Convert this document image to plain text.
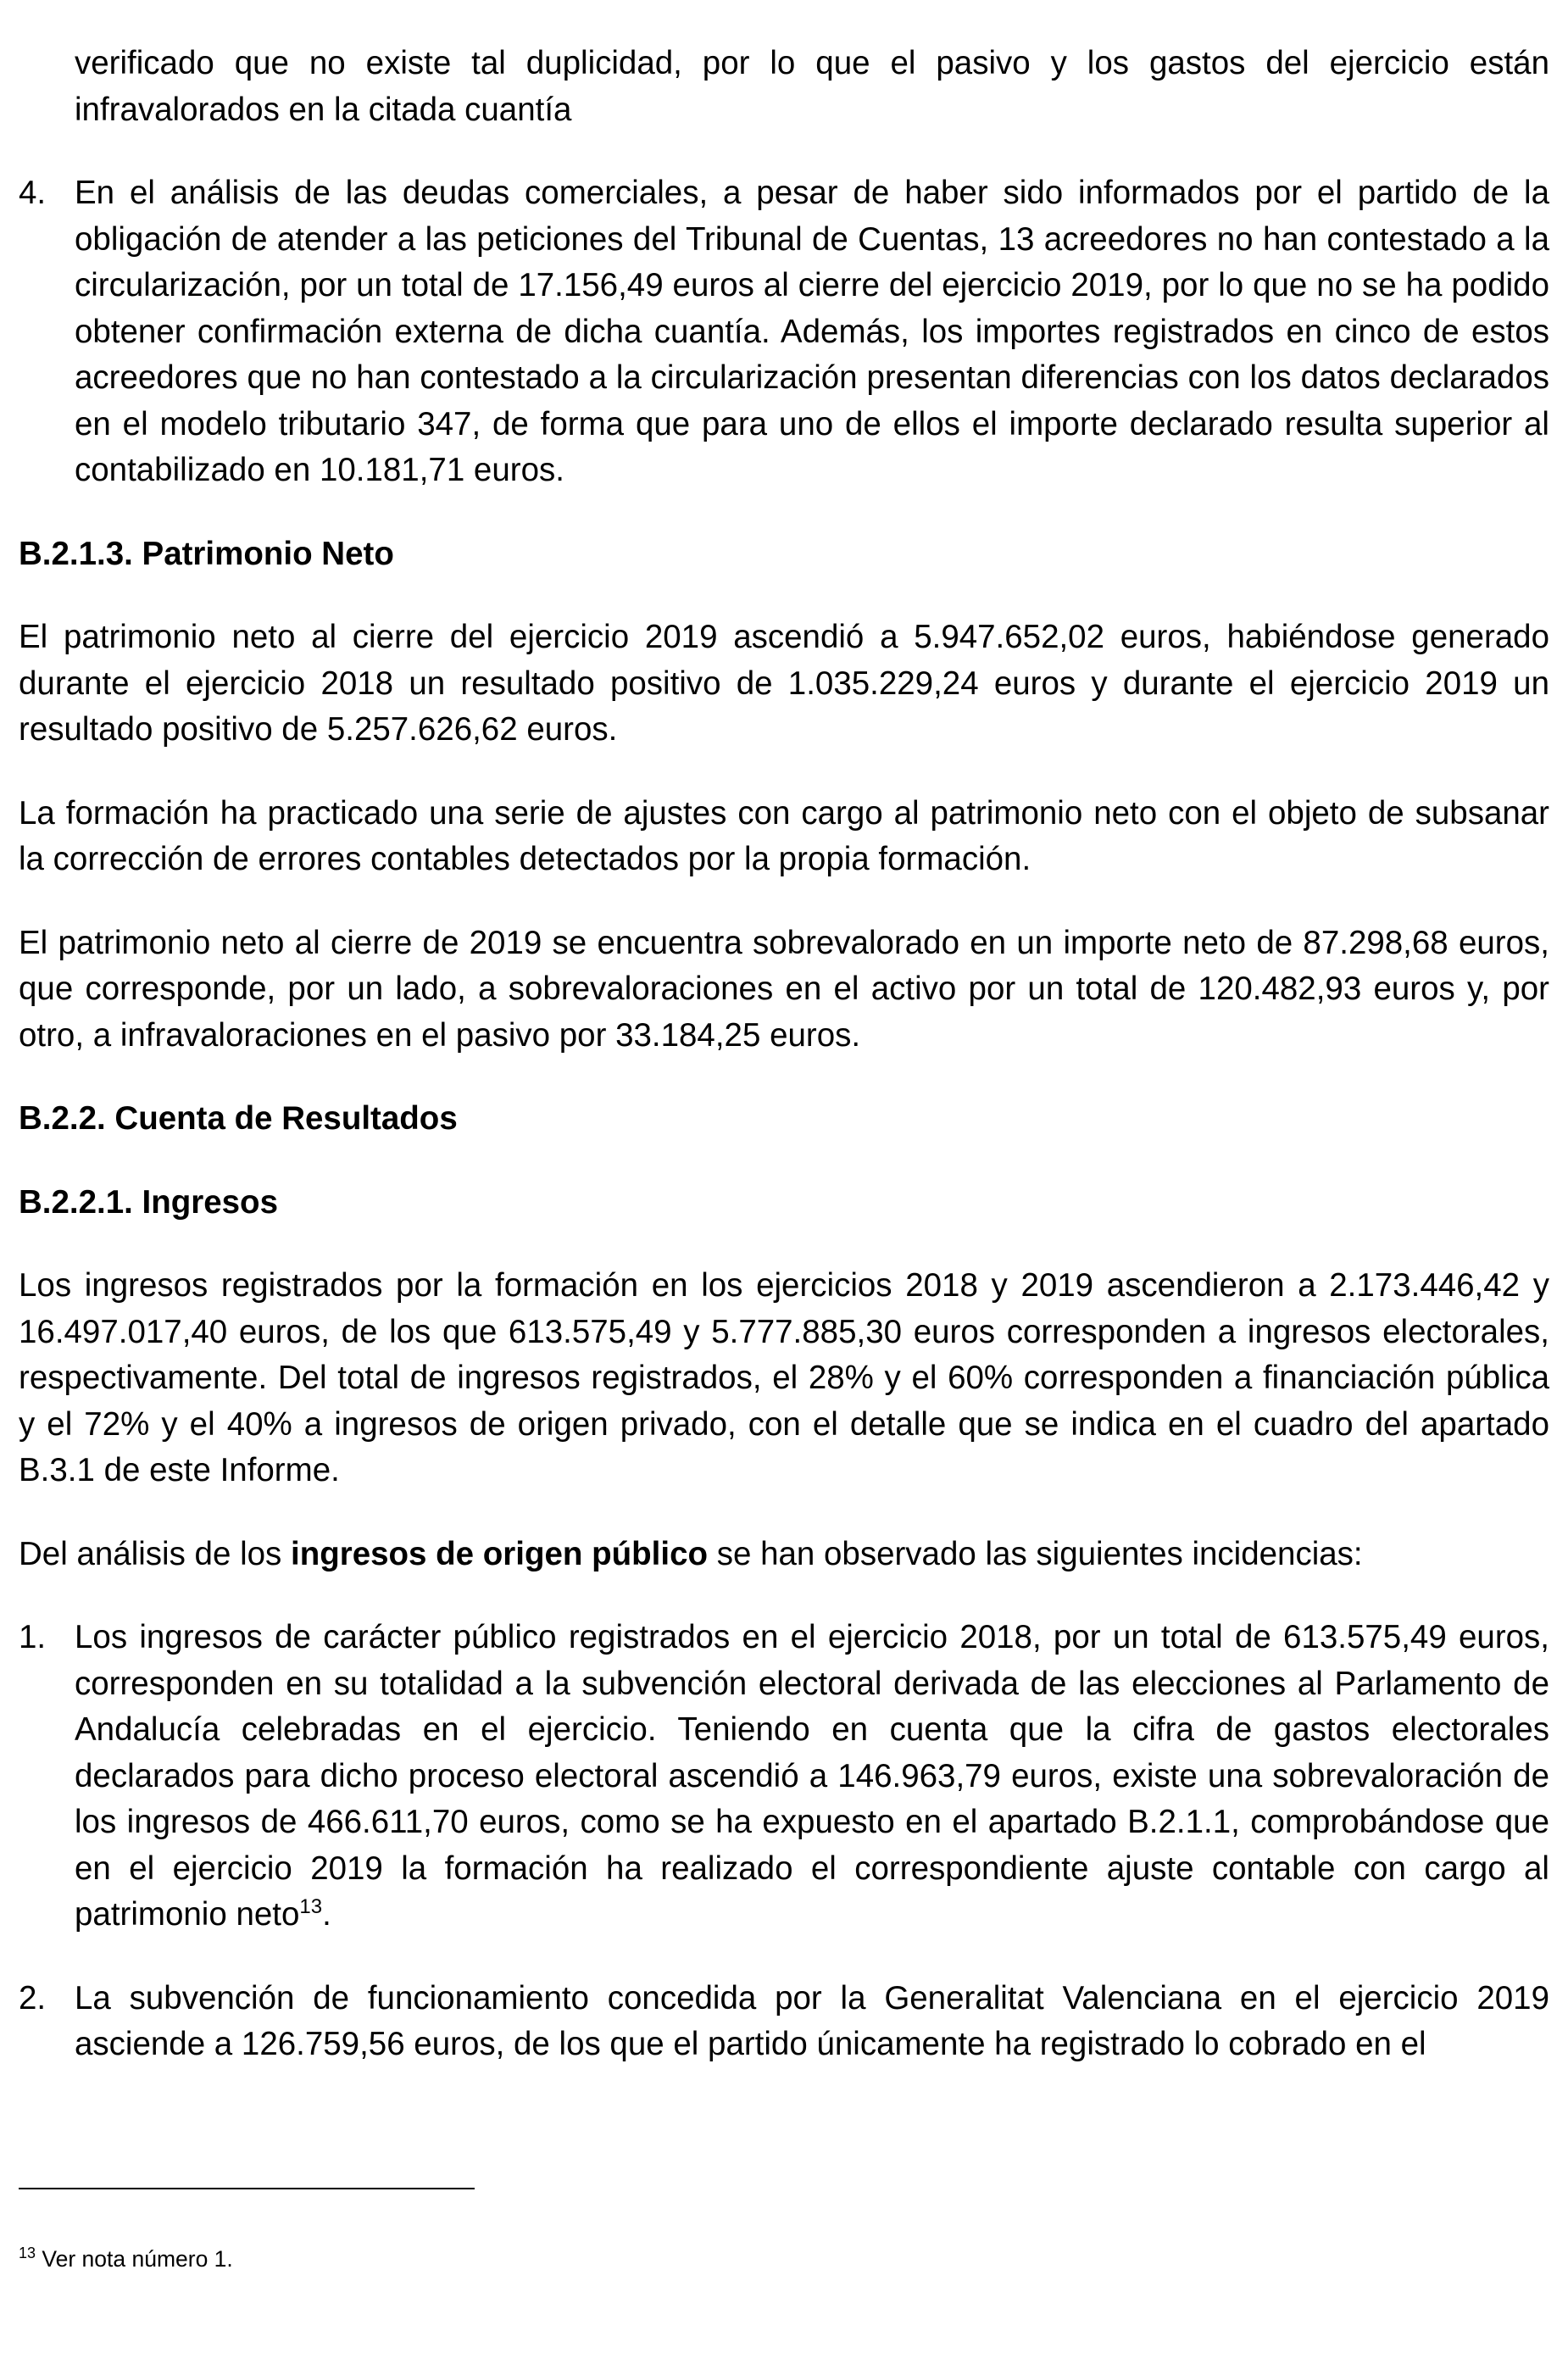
verificado que no existe tal duplicidad, por lo que el pasivo y los gastos del ejercicio están infravalorados en la citada cuantía

4. En el análisis de las deudas comerciales, a pesar de haber sido informados por el partido de la obligación de atender a las peticiones del Tribunal de Cuentas, 13 acreedores no han contestado a la circularización, por un total de 17.156,49 euros al cierre del ejercicio 2019, por lo que no se ha podido obtener confirmación externa de dicha cuantía. Además, los importes registrados en cinco de estos acreedores que no han contestado a la circularización presentan diferencias con los datos declarados en el modelo tributario 347, de forma que para uno de ellos el importe declarado resulta superior al contabilizado en 10.181,71 euros.
B.2.1.3. Patrimonio Neto

El patrimonio neto al cierre del ejercicio 2019 ascendió a 5.947.652,02 euros, habiéndose generado durante el ejercicio 2018 un resultado positivo de 1.035.229,24 euros y durante el ejercicio 2019 un resultado positivo de 5.257.626,62 euros.

La formación ha practicado una serie de ajustes con cargo al patrimonio neto con el objeto de subsanar la corrección de errores contables detectados por la propia formación.

El patrimonio neto al cierre de 2019 se encuentra sobrevalorado en un importe neto de 87.298,68 euros, que corresponde, por un lado, a sobrevaloraciones en el activo por un total de 120.482,93 euros y, por otro, a infravaloraciones en el pasivo por 33.184,25 euros.

B.2.2. Cuenta de Resultados
B.2.2.1. Ingresos

Los ingresos registrados por la formación en los ejercicios 2018 y 2019 ascendieron a 2.173.446,42 y 16.497.017,40 euros, de los que 613.575,49 y 5.777.885,30 euros corresponden a ingresos electorales, respectivamente. Del total de ingresos registrados, el 28% y el 60% corresponden a financiación pública y el 72% y el 40% a ingresos de origen privado, con el detalle que se indica en el cuadro del apartado B.3.1 de este Informe.

Del análisis de los ingresos de origen público se han observado las siguientes incidencias:

1. Los ingresos de carácter público registrados en el ejercicio 2018, por un total de 613.575,49 euros, corresponden en su totalidad a la subvención electoral derivada de las elecciones al Parlamento de Andalucía celebradas en el ejercicio. Teniendo en cuenta que la cifra de gastos electorales declarados para dicho proceso electoral ascendió a 146.963,79 euros, existe una sobrevaloración de los ingresos de 466.611,70 euros, como se ha expuesto en el apartado B.2.1.1, comprobándose que en el ejercicio 2019 la formación ha realizado el correspondiente ajuste contable con cargo al patrimonio neto$^{13}$.
2. La subvención de funcionamiento concedida por la Generalitat Valenciana en el ejercicio 2019 asciende a 126.759,56 euros, de los que el partido únicamente ha registrado lo cobrado en el
$^{13}$ Ver nota número 1.
